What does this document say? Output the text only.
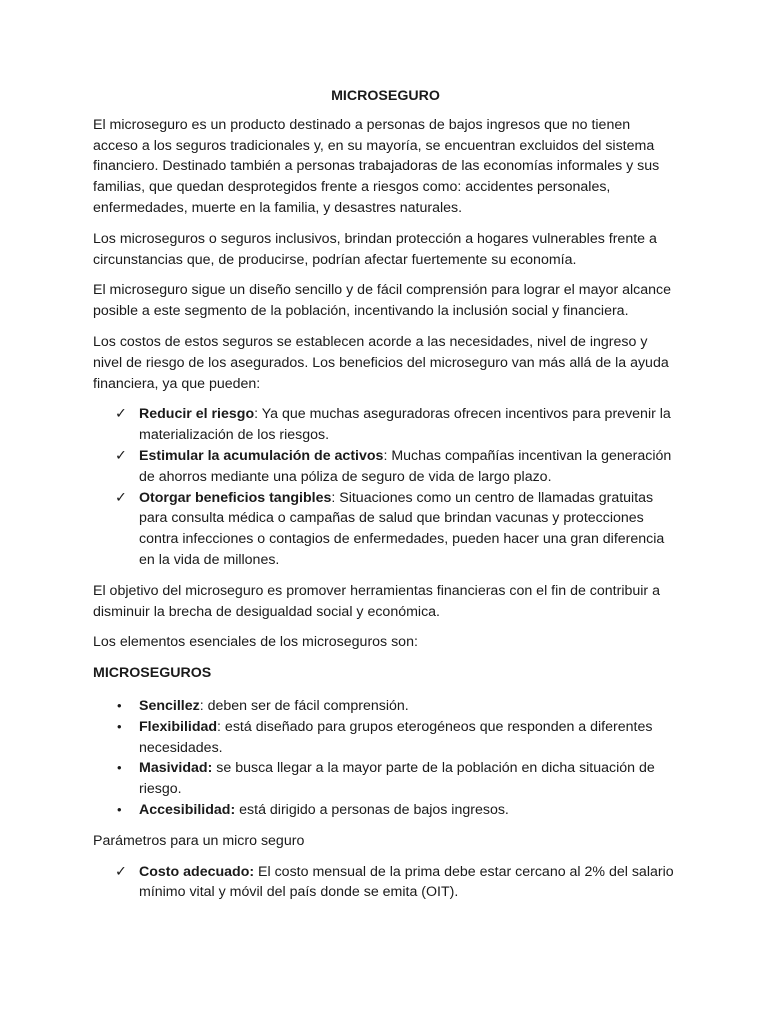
MICROSEGURO

El microseguro es un producto destinado a personas de bajos ingresos que no tienen acceso a los seguros tradicionales y, en su mayoría, se encuentran excluidos del sistema financiero. Destinado también a personas trabajadoras de las economías informales y sus familias, que quedan desprotegidos frente a riesgos como: accidentes personales, enfermedades, muerte en la familia, y desastres naturales.

Los microseguros o seguros inclusivos, brindan protección a hogares vulnerables frente a circunstancias que, de producirse, podrían afectar fuertemente su economía.

El microseguro sigue un diseño sencillo y de fácil comprensión para lograr el mayor alcance posible a este segmento de la población, incentivando la inclusión social y financiera.

Los costos de estos seguros se establecen acorde a las necesidades, nivel de ingreso y nivel de riesgo de los asegurados. Los beneficios del microseguro van más allá de la ayuda financiera, ya que pueden:

✓ Reducir el riesgo: Ya que muchas aseguradoras ofrecen incentivos para prevenir la materialización de los riesgos.
✓ Estimular la acumulación de activos: Muchas compañías incentivan la generación de ahorros mediante una póliza de seguro de vida de largo plazo.
✓ Otorgar beneficios tangibles: Situaciones como un centro de llamadas gratuitas para consulta médica o campañas de salud que brindan vacunas y protecciones contra infecciones o contagios de enfermedades, pueden hacer una gran diferencia en la vida de millones.

El objetivo del microseguro es promover herramientas financieras con el fin de contribuir a disminuir la brecha de desigualdad social y económica.

Los elementos esenciales de los microseguros son:

MICROSEGUROS
•	Sencillez: deben ser de fácil comprensión.
•	Flexibilidad: está diseñado para grupos eterogéneos que responden a diferentes necesidades.
•	Masividad: se busca llegar a la mayor parte de la población en dicha situación de riesgo.
•	Accesibilidad: está dirigido a personas de bajos ingresos.

Parámetros para un micro seguro

✓ Costo adecuado: El costo mensual de la prima debe estar cercano al 2% del salario mínimo vital y móvil del país donde se emita (OIT).
